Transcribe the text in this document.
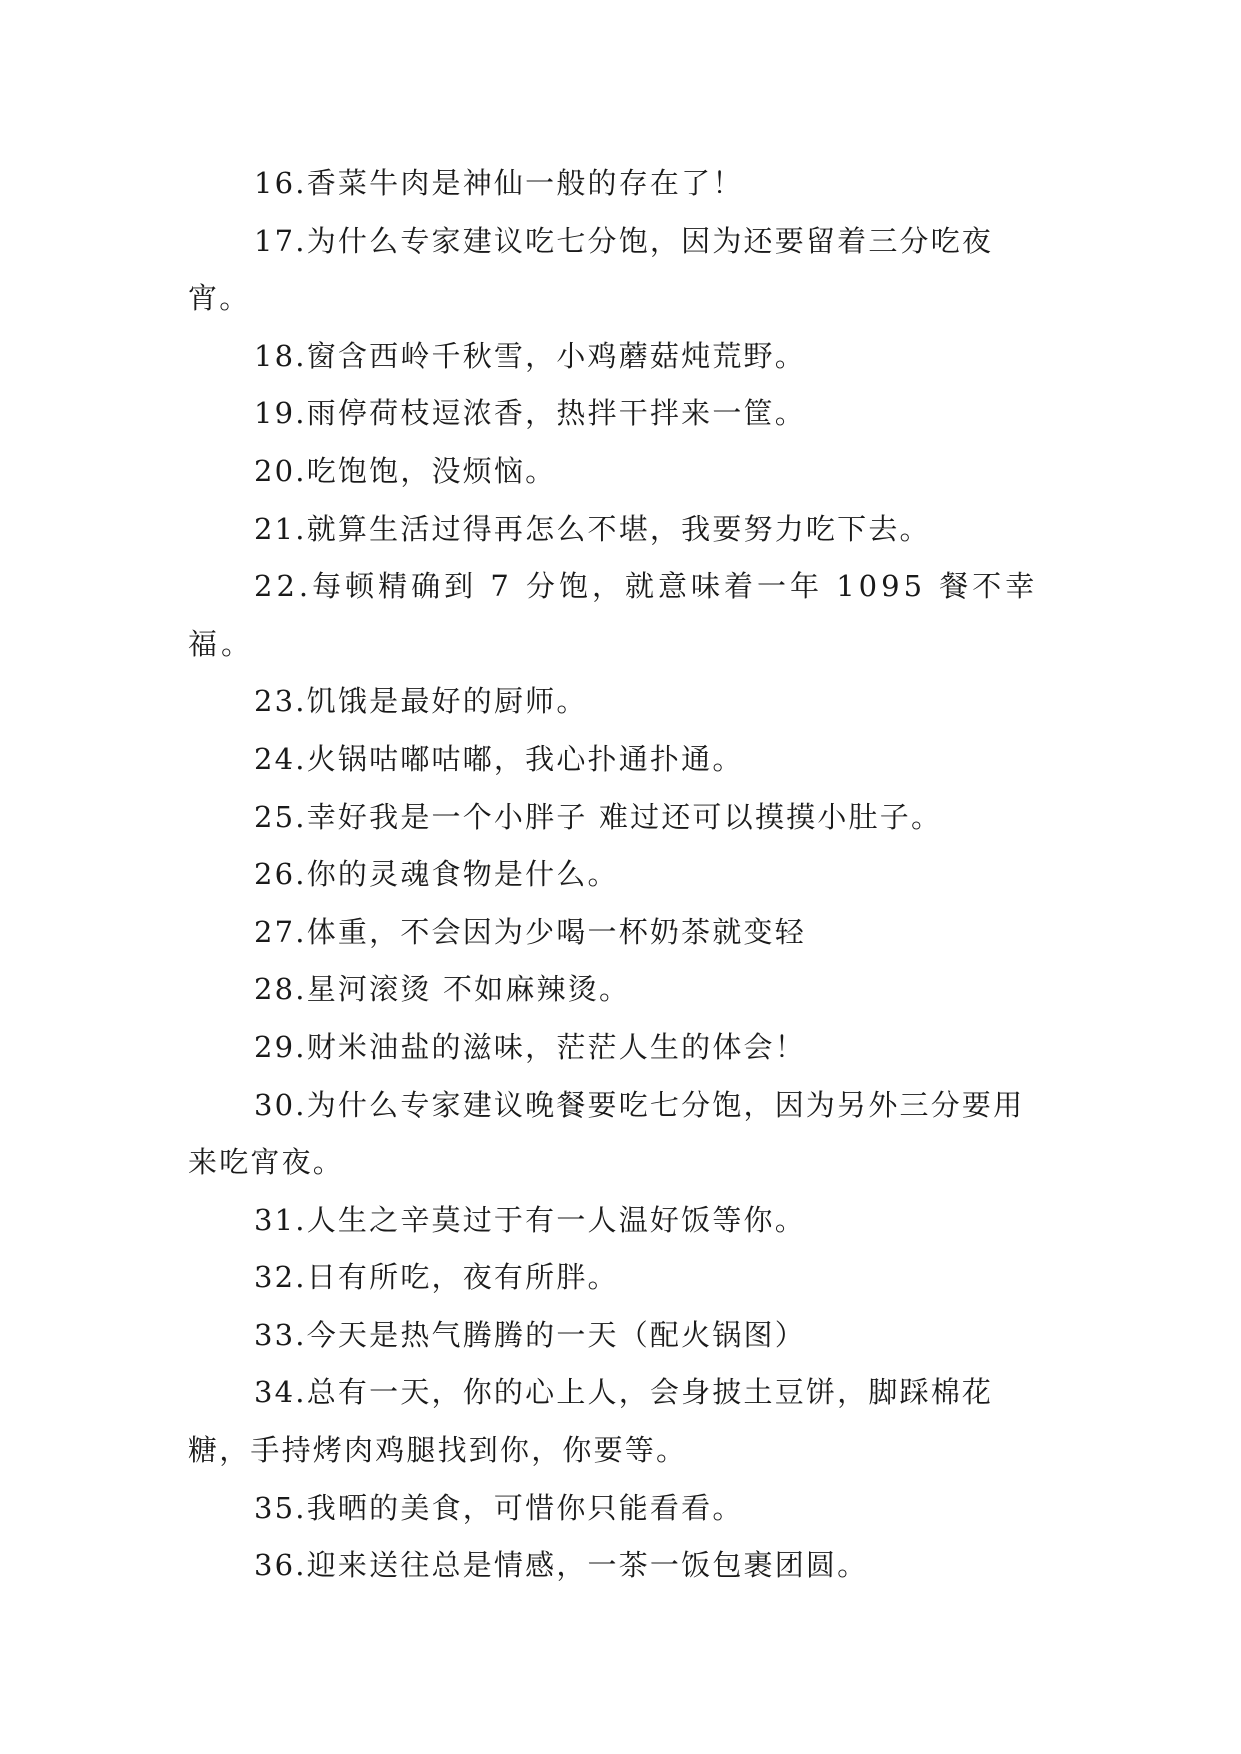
16.香菜牛肉是神仙一般的存在了！

17.为什么专家建议吃七分饱，因为还要留着三分吃夜宵。

18.窗含西岭千秋雪，小鸡蘑菇炖荒野。

19.雨停荷枝逗浓香，热拌干拌来一筐。

20.吃饱饱，没烦恼。

21.就算生活过得再怎么不堪，我要努力吃下去。

22.每顿精确到 7 分饱，就意味着一年 1095 餐不幸福。

23.饥饿是最好的厨师。

24.火锅咕嘟咕嘟，我心扑通扑通。

25.幸好我是一个小胖子 难过还可以摸摸小肚子。

26.你的灵魂食物是什么。

27.体重，不会因为少喝一杯奶茶就变轻

28.星河滚烫 不如麻辣烫。

29.财米油盐的滋味，茫茫人生的体会！

30.为什么专家建议晚餐要吃七分饱，因为另外三分要用来吃宵夜。

31.人生之辛莫过于有一人温好饭等你。

32.日有所吃，夜有所胖。

33.今天是热气腾腾的一天（配火锅图）

34.总有一天，你的心上人，会身披土豆饼，脚踩棉花糖，手持烤肉鸡腿找到你，你要等。

35.我晒的美食，可惜你只能看看。

36.迎来送往总是情感，一茶一饭包裹团圆。
